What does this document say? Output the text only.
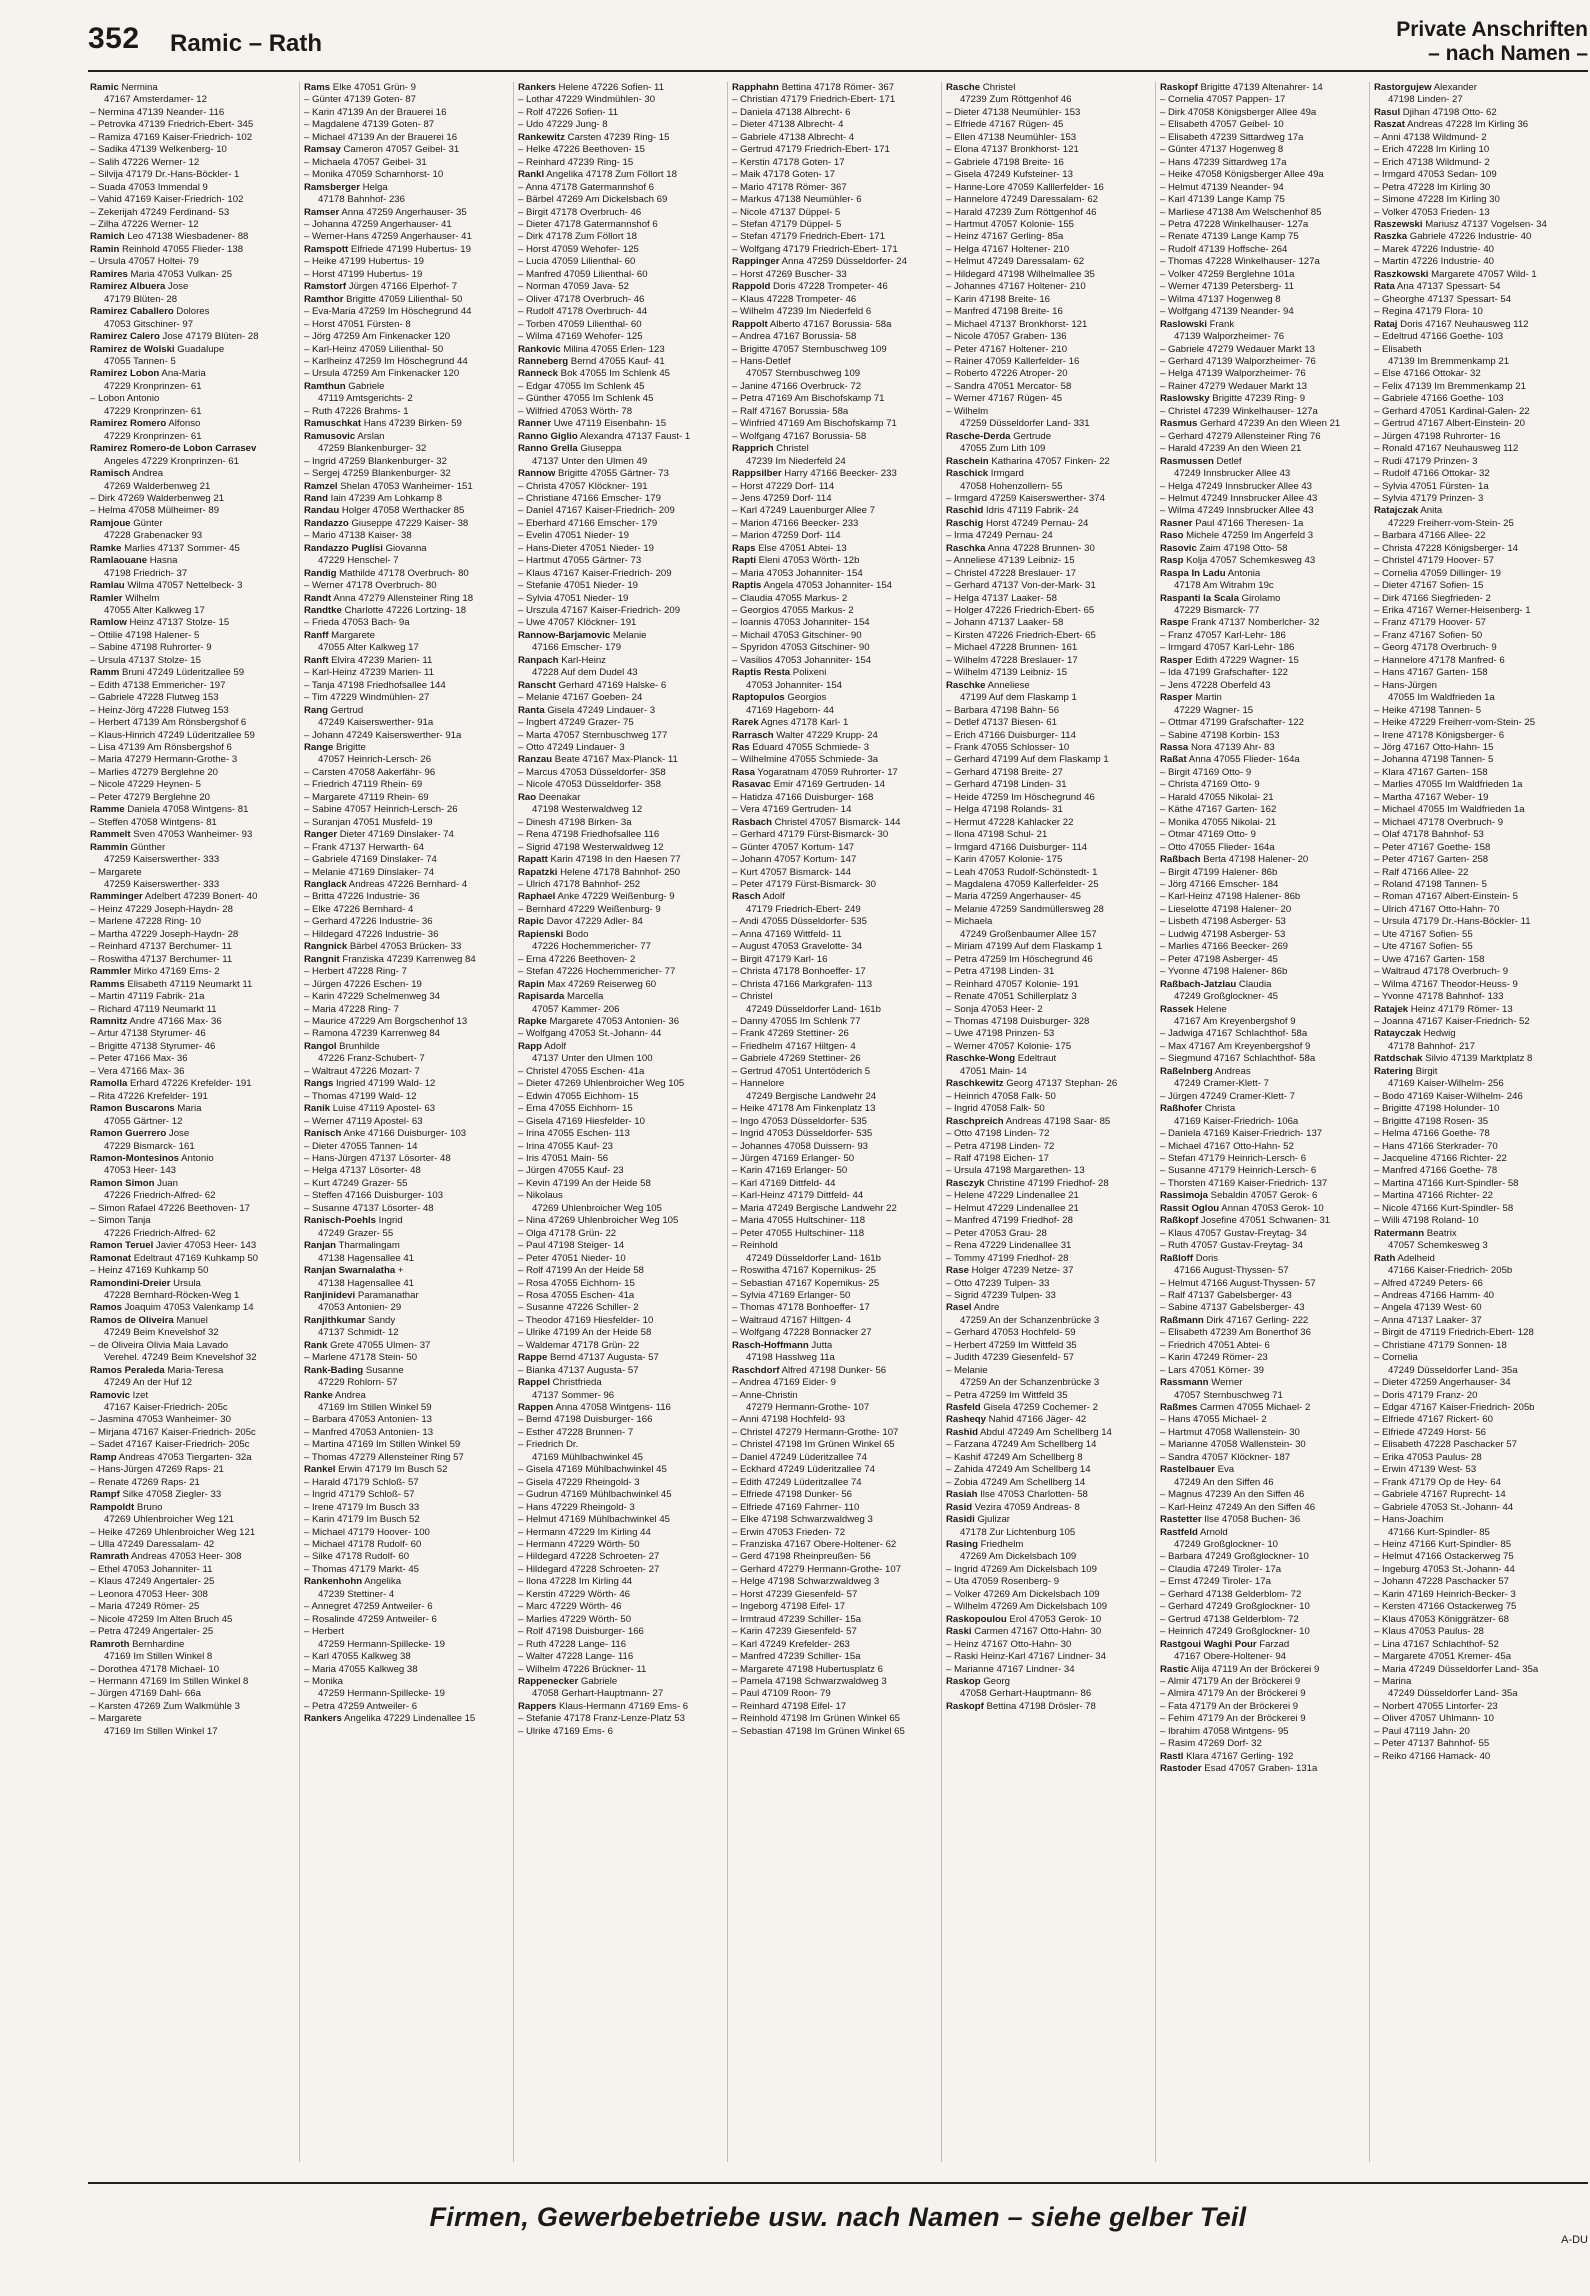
352 Ramic – Rath
Private Anschriften
– nach Namen –
Ramic Nermina
47167 Amsterdamer- 12
– Nermina 47139 Neander- 116
– Petrovka 47139 Friedrich-Ebert- 345
– Ramiza 47169 Kaiser-Friedrich- 102
– Sadika 47139 Welkenberg- 10
– Salih 47226 Werner- 12
– Silvija 47179 Dr.-Hans-Böckler- 1
– Suada 47053 Immendal 9
– Vahid 47169 Kaiser-Friedrich- 102
– Zekerijah 47249 Ferdinand- 53
– Zilha 47226 Werner- 12
Ramich Leo 47138 Wiesbadener- 88
Ramin Reinhold 47055 Flieder- 138
– Ursula 47057 Holtei- 79
Ramires Maria 47053 Vulkan- 25
Ramirez Albuera Jose
47179 Blüten- 28
Ramirez Caballero Dolores
47053 Gitschiner- 97
Ramirez Calero Jose 47179 Blüten- 28
Ramirez de Wolski Guadalupe
47055 Tannen- 5
Ramirez Lobon Ana-Maria
47229 Kronprinzen- 61
– Lobon Antonio
47229 Kronprinzen- 61
Ramirez Romero Alfonso
47229 Kronprinzen- 61
Ramirez Romero-de Lobon Carrasev
Angeles 47229 Kronprinzen- 61
Ramisch Andrea
47269 Walderbenweg 21
– Dirk 47269 Walderbenweg 21
– Helma 47058 Mülheimer- 89
Ramjoue Günter
47228 Grabenacker 93
Ramke Marlies 47137 Sommer- 45
Ramlaouane Hasna
47198 Friedrich- 37
Ramlau Wilma 47057 Nettelbeck- 3
Ramler Wilhelm
47055 Alter Kalkweg 17
Ramlow Heinz 47137 Stolze- 15
– Ottilie 47198 Halener- 5
– Sabine 47198 Ruhrorter- 9
– Ursula 47137 Stolze- 15
Ramm Bruni 47249 Lüderitzallee 59
– Edith 47138 Emmericher- 197
– Gabriele 47228 Flutweg 153
– Heinz-Jörg 47228 Flutweg 153
– Herbert 47139 Am Rönsbergshof 6
– Klaus-Hinrich 47249 Lüderitzallee 59
– Lisa 47139 Am Rönsbergshof 6
– Maria 47279 Hermann-Grothe- 3
– Marlies 47279 Berglehne 20
– Nicole 47229 Heynen- 5
– Peter 47279 Berglehne 20
Ramme Daniela 47058 Wintgens- 81
– Steffen 47058 Wintgens- 81
Rammelt Sven 47053 Wanheimer- 93
Rammin Günther
47259 Kaiserswerther- 333
– Margarete
47259 Kaiserswerther- 333
Ramminger Adelbert 47239 Bonert- 40
– Heinz 47229 Joseph-Haydn- 28
– Marlene 47228 Ring- 10
– Martha 47229 Joseph-Haydn- 28
– Reinhard 47137 Berchumer- 11
– Roswitha 47137 Berchumer- 11
Rammler Mirko 47169 Ems- 2
Ramms Elisabeth 47119 Neumarkt 11
– Martin 47119 Fabrik- 21a
– Richard 47119 Neumarkt 11
Ramnitz Andre 47166 Max- 36
– Artur 47138 Styrumer- 46
– Brigitte 47138 Styrumer- 46
– Peter 47166 Max- 36
– Vera 47166 Max- 36
Ramolla Erhard 47226 Krefelder- 191
– Rita 47226 Krefelder- 191
Ramon Buscarons Maria
47055 Gärtner- 12
Ramon Guerrero Jose
47229 Bismarck- 161
Ramon-Montesinos Antonio
47053 Heer- 143
Ramon Simon Juan
47226 Friedrich-Alfred- 62
– Simon Rafael 47226 Beethoven- 17
– Simon Tanja
47226 Friedrich-Alfred- 62
Ramon Teruel Javier 47053 Heer- 143
Ramonat Edeltraut 47169 Kuhkamp 50
– Heinz 47169 Kuhkamp 50
Ramondini-Dreier Ursula
47228 Bernhard-Röcken-Weg 1
Ramos Joaquim 47053 Valenkamp 14
Ramos de Oliveira Manuel
47249 Beim Knevelshof 32
– de Oliveira Olivia Maia Lavado
Verehel. 47249 Beim Knevelshof 32
Ramos Peraleda Maria-Teresa
47249 An der Huf 12
Ramovic Izet
47167 Kaiser-Friedrich- 205c
– Jasmina 47053 Wanheimer- 30
– Mirjana 47167 Kaiser-Friedrich- 205c
– Sadet 47167 Kaiser-Friedrich- 205c
Ramp Andreas 47053 Tiergarten- 32a
– Hans-Jürgen 47269 Raps- 21
– Renate 47269 Raps- 21
Rampf Silke 47058 Ziegler- 33
Rampoldt Bruno
47269 Uhlenbroicher Weg 121
– Heike 47269 Uhlenbroicher Weg 121
– Ulla 47249 Daressalam- 42
Ramrath Andreas 47053 Heer- 308
– Ethel 47053 Johanniter- 11
– Klaus 47249 Angertaler- 25
– Leonora 47053 Heer- 308
– Maria 47249 Römer- 25
– Nicole 47259 Im Alten Bruch 45
– Petra 47249 Angertaler- 25
Ramroth Bernhardine
47169 Im Stillen Winkel 8
– Dorothea 47178 Michael- 10
– Hermann 47169 Im Stillen Winkel 8
– Jürgen 47169 Dahl- 66a
– Karsten 47269 Zum Walkmühle 3
– Margarete
47169 Im Stillen Winkel 17
Rams Elke 47051 Grün- 9
– Günter 47139 Goten- 87
– Karin 47139 An der Brauerei 16
– Magdalene 47139 Goten- 87
– Michael 47139 An der Brauerei 16
Ramsay Cameron 47057 Geibel- 31
– Michaela 47057 Geibel- 31
– Monika 47059 Scharnhorst- 10
Ramsberger Helga
47178 Bahnhof- 236
Ramser Anna 47259 Angerhauser- 35
– Johanna 47259 Angerhauser- 41
– Werner-Hans 47259 Angerhauser- 41
Ramspott Elfriede 47199 Hubertus- 19
– Heike 47199 Hubertus- 19
– Horst 47199 Hubertus- 19
Ramstorf Jürgen 47166 Elperhof- 7
Ramthor Brigitte 47059 Lilienthal- 50
– Eva-Maria 47259 Im Höschegrund 44
– Horst 47051 Fürsten- 8
– Jörg 47259 Am Finkenacker 120
– Karl-Heinz 47059 Lilienthal- 50
– Karlheinz 47259 Im Höschegrund 44
– Ursula 47259 Am Finkenacker 120
Ramthun Gabriele
47119 Amtsgerichts- 2
– Ruth 47226 Brahms- 1
Ramuschkat Hans 47239 Birken- 59
Ramusovic Arslan
47259 Blankenburger- 32
– Ingrid 47259 Blankenburger- 32
– Sergej 47259 Blankenburger- 32
Ramzel Shelan 47053 Wanheimer- 151
Rand Iain 47239 Am Lohkamp 8
Randau Holger 47058 Werthacker 85
Randazzo Giuseppe 47229 Kaiser- 38
– Mario 47138 Kaiser- 38
Randazzo Puglisi Giovanna
47229 Henschel- 7
Randig Mathilde 47178 Overbruch- 80
– Werner 47178 Overbruch- 80
Randt Anna 47279 Allensteiner Ring 18
Randtke Charlotte 47226 Lortzing- 18
– Frieda 47053 Bach- 9a
Ranff Margarete
47055 Alter Kalkweg 17
Ranft Elvira 47239 Marien- 11
– Karl-Heinz 47239 Marien- 11
– Tanja 47198 Friedhofsallee 144
– Tim 47229 Windmühlen- 27
Rang Gertrud
47249 Kaiserswerther- 91a
– Johann 47249 Kaiserswerther- 91a
Range Brigitte
47057 Heinrich-Lersch- 26
– Carsten 47058 Aakerfähr- 96
– Friedrich 47119 Rhein- 69
– Margarete 47119 Rhein- 69
– Sabine 47057 Heinrich-Lersch- 26
– Suranjan 47051 Musfeld- 19
Ranger Dieter 47169 Dinslaker- 74
– Frank 47137 Herwarth- 64
– Gabriele 47169 Dinslaker- 74
– Melanie 47169 Dinslaker- 74
Ranglack Andreas 47226 Bernhard- 4
– Britta 47226 Industrie- 36
– Elke 47226 Bernhard- 4
– Gerhard 47226 Industrie- 36
– Hildegard 47226 Industrie- 36
Rangnick Bärbel 47053 Brücken- 33
Rangnit Franziska 47239 Karrenweg 84
– Herbert 47228 Ring- 7
– Jürgen 47226 Eschen- 19
– Karin 47229 Schelmenweg 34
– Maria 47228 Ring- 7
– Maurice 47229 Am Borgschenhof 13
– Ramona 47239 Karrenweg 84
Rangol Brunhilde
47226 Franz-Schubert- 7
– Waltraut 47226 Mozart- 7
Rangs Ingried 47199 Wald- 12
– Thomas 47199 Wald- 12
Ranik Luise 47119 Apostel- 63
– Werner 47119 Apostel- 63
Ranisch Anke 47166 Duisburger- 103
– Dieter 47055 Tannen- 14
– Hans-Jürgen 47137 Lösorter- 48
– Helga 47137 Lösorter- 48
– Kurt 47249 Grazer- 55
– Steffen 47166 Duisburger- 103
– Susanne 47137 Lösorter- 48
Ranisch-Poehls Ingrid
47249 Grazer- 55
Ranjan Tharmalingam
47138 Hagensallee 41
Ranjan Swarnalatha +
47138 Hagensallee 41
Ranjinidevi Paramanathar
47053 Antonien- 29
Ranjithkumar Sandy
47137 Schmidt- 12
Rank Grete 47055 Ulmen- 37
– Marlene 47178 Stein- 50
Rank-Bading Susanne
47229 Rohlorn- 57
Ranke Andrea
47169 Im Stillen Winkel 59
– Barbara 47053 Antonien- 13
– Manfred 47053 Antonien- 13
– Martina 47169 Im Stillen Winkel 59
– Thomas 47279 Allensteiner Ring 57
Rankel Erwin 47179 Im Busch 52
– Harald 47179 Schloß- 57
– Ingrid 47179 Schloß- 57
– Irene 47179 Im Busch 33
– Karin 47179 Im Busch 52
– Michael 47179 Hoover- 100
– Michael 47178 Rudolf- 60
– Silke 47178 Rudolf- 60
– Thomas 47179 Markt- 45
Rankenhohn Angelika
47239 Stettiner- 4
– Annegret 47259 Antweiler- 6
– Rosalinde 47259 Antweiler- 6
– Herbert
47259 Hermann-Spillecke- 19
– Karl 47055 Kalkweg 38
– Maria 47055 Kalkweg 38
– Monika
47259 Hermann-Spillecke- 19
– Petra 47259 Antweiler- 6
Rankers Angelika 47229 Lindenallee 15
Rankers Helene 47226 Sofien- 11
– Lothar 47229 Windmühlen- 30
– Rolf 47226 Sofien- 11
– Udo 47229 Jung- 8
Rankewitz Carsten 47239 Ring- 15
– Helke 47226 Beethoven- 15
– Reinhard 47239 Ring- 15
Rankl Angelika 47178 Zum Föllort 18
– Anna 47178 Gatermannshof 6
– Bärbel 47269 Am Dickelsbach 69
– Birgit 47178 Overbruch- 46
– Dieter 47178 Gatermannshof 6
– Dirk 47178 Zum Föllort 18
– Horst 47059 Wehofer- 125
– Lucia 47059 Lilienthal- 60
– Manfred 47059 Lilienthal- 60
– Norman 47059 Java- 52
– Oliver 47178 Overbruch- 46
– Rudolf 47178 Overbruch- 44
– Torben 47059 Lilienthal- 60
– Wilma 47169 Wehofer- 125
Rankovic Milina 47055 Erlen- 123
Ranneberg Bernd 47055 Kauf- 41
Ranneck Bok 47055 Im Schlenk 45
– Edgar 47055 Im Schlenk 45
– Günther 47055 Im Schlenk 45
– Wilfried 47053 Wörth- 78
Ranner Uwe 47119 Eisenbahn- 15
Ranno Giglio Alexandra 47137 Faust- 1
Ranno Grella Giuseppa
47137 Unter den Ulmen 49
Rannow Brigitte 47055 Gärtner- 73
– Christa 47057 Klöckner- 191
– Christiane 47166 Emscher- 179
– Daniel 47167 Kaiser-Friedrich- 209
– Eberhard 47166 Emscher- 179
– Evelin 47051 Nieder- 19
– Hans-Dieter 47051 Nieder- 19
– Hartmut 47055 Gärtner- 73
– Klaus 47167 Kaiser-Friedrich- 209
– Stefanie 47051 Nieder- 19
– Sylvia 47051 Nieder- 19
– Urszula 47167 Kaiser-Friedrich- 209
– Uwe 47057 Klöckner- 191
Rannow-Barjamovic Melanie
47166 Emscher- 179
Ranpach Karl-Heinz
47228 Auf dem Dudel 43
Ranscht Gerhard 47169 Halske- 6
– Melanie 47167 Goeben- 24
Ranta Gisela 47249 Lindauer- 3
– Ingbert 47249 Grazer- 75
– Marta 47057 Sternbuschweg 177
– Otto 47249 Lindauer- 3
Ranzau Beate 47167 Max-Planck- 11
– Marcus 47053 Düsseldorfer- 358
– Nicole 47053 Düsseldorfer- 358
Rao Deenakar
47198 Westerwaldweg 12
– Dinesh 47198 Birken- 3a
– Rena 47198 Friedhofsallee 116
– Sigrid 47198 Westerwaldweg 12
Rapatt Karin 47198 In den Haesen 77
Rapatzki Helene 47178 Bahnhof- 250
– Ulrich 47178 Bahnhof- 252
Raphael Anke 47229 Weißenburg- 9
– Bernhard 47229 Weißenburg- 9
Rapic Davor 47229 Adler- 84
Rapienski Bodo
47226 Hochemmericher- 77
– Erna 47226 Beethoven- 2
– Stefan 47226 Hochemmericher- 77
Rapin Max 47269 Reiserweg 60
Rapisarda Marcella
47057 Kammer- 206
Rapke Margarete 47053 Antonien- 36
– Wolfgang 47053 St.-Johann- 44
Rapp Adolf
47137 Unter den Ulmen 100
– Christel 47055 Eschen- 41a
– Dieter 47269 Uhlenbroicher Weg 105
– Edwin 47055 Eichhorn- 15
– Erna 47055 Eichhorn- 15
– Gisela 47169 Hiesfelder- 10
– Irina 47055 Eschen- 113
– Irina 47055 Kauf- 23
– Iris 47051 Main- 56
– Jürgen 47055 Kauf- 23
– Kevin 47199 An der Heide 58
– Nikolaus
47269 Uhlenbroicher Weg 105
– Nina 47269 Uhlenbroicher Weg 105
– Olga 47178 Grün- 22
– Paul 47198 Steiger- 14
– Peter 47051 Nieder- 10
– Rolf 47199 An der Heide 58
– Rosa 47055 Eichhorn- 15
– Rosa 47055 Eschen- 41a
– Susanne 47226 Schiller- 2
– Theodor 47169 Hiesfelder- 10
– Ulrike 47199 An der Heide 58
– Waldemar 47178 Grün- 22
Rappe Bernd 47137 Augusta- 57
– Bianka 47137 Augusta- 57
Rappel Christfrieda
47137 Sommer- 96
Rappen Anna 47058 Wintgens- 116
– Bernd 47198 Duisburger- 166
– Esther 47228 Brunnen- 7
– Friedrich Dr.
47169 Mühlbachwinkel 45
– Gisela 47169 Mühlbachwinkel 45
– Gisela 47229 Rheingold- 3
– Gudrun 47169 Mühlbachwinkel 45
– Hans 47229 Rheingold- 3
– Helmut 47169 Mühlbachwinkel 45
– Hermann 47229 Im Kirling 44
– Hermann 47229 Wörth- 50
– Hildegard 47228 Schroeten- 27
– Hildegard 47228 Schroeten- 27
– Ilona 47228 Im Kirling 44
– Kerstin 47229 Wörth- 46
– Marc 47229 Wörth- 46
– Marlies 47229 Wörth- 50
– Rolf 47198 Duisburger- 166
– Ruth 47228 Lange- 116
– Walter 47228 Lange- 116
– Wilhelm 47226 Brückner- 11
Rappenecker Gabriele
47058 Gerhart-Hauptmann- 27
Rappers Klaus-Hermann 47169 Ems- 6
– Stefanie 47178 Franz-Lenze-Platz 53
– Ulrike 47169 Ems- 6
Rapphahn Bettina 47178 Römer- 367
– Christian 47179 Friedrich-Ebert- 171
– Daniela 47138 Albrecht- 6
– Dieter 47138 Albrecht- 4
– Gabriele 47138 Albrecht- 4
– Gertrud 47179 Friedrich-Ebert- 171
– Kerstin 47178 Goten- 17
– Maik 47178 Goten- 17
– Mario 47178 Römer- 367
– Markus 47138 Neumühler- 6
– Nicole 47137 Düppel- 5
– Stefan 47179 Düppel- 5
– Stefan 47179 Friedrich-Ebert- 171
– Wolfgang 47179 Friedrich-Ebert- 171
Rappinger Anna 47259 Düsseldorfer- 24
– Horst 47269 Buscher- 33
Rappold Doris 47228 Trompeter- 46
– Klaus 47228 Trompeter- 46
– Wilhelm 47239 Im Niederfeld 6
Rappolt Alberto 47167 Borussia- 58a
– Andrea 47167 Borussia- 58
– Brigitte 47057 Sternbuschweg 109
– Hans-Detlef
47057 Sternbuschweg 109
– Janine 47166 Overbruck- 72
– Petra 47169 Am Bischofskamp 71
– Ralf 47167 Borussia- 58a
– Winfried 47169 Am Bischofskamp 71
– Wolfgang 47167 Borussia- 58
Rapprich Christel
47239 Im Niederfeld 24
Rappsilber Harry 47166 Beecker- 233
– Horst 47229 Dorf- 114
– Jens 47259 Dorf- 114
– Karl 47249 Lauenburger Allee 7
– Marion 47166 Beecker- 233
– Marion 47259 Dorf- 114
Raps Else 47051 Abtei- 13
Rapti Eleni 47053 Wörth- 12b
– Maria 47053 Johanniter- 154
Raptis Angela 47053 Johanniter- 154
– Claudia 47055 Markus- 2
– Georgios 47055 Markus- 2
– Ioannis 47053 Johanniter- 154
– Michail 47053 Gitschiner- 90
– Spyridon 47053 Gitschiner- 90
– Vasilios 47053 Johanniter- 154
Raptis Resta Polixeni
47053 Johanniter- 154
Raptopulos Georgios
47169 Hageborn- 44
Rarek Agnes 47178 Karl- 1
Rarrasch Walter 47229 Krupp- 24
Ras Eduard 47055 Schmiede- 3
– Wilhelmine 47055 Schmiede- 3a
Rasa Yogaratnam 47059 Ruhrorter- 17
Rasavac Emir 47169 Gertruden- 14
– Hatidza 47166 Duisburger- 168
– Vera 47169 Gertruden- 14
Rasbach Christel 47057 Bismarck- 144
– Gerhard 47179 Fürst-Bismarck- 30
– Günter 47057 Kortum- 147
– Johann 47057 Kortum- 147
– Kurt 47057 Bismarck- 144
– Peter 47179 Fürst-Bismarck- 30
Rasch Adolf
47179 Friedrich-Ebert- 249
– Andi 47055 Düsseldorfer- 535
– Anna 47169 Wittfeld- 11
– August 47053 Gravelotte- 34
– Birgit 47179 Karl- 16
– Christa 47178 Bonhoeffer- 17
– Christa 47166 Markgrafen- 113
– Christel
47249 Düsseldorfer Land- 161b
– Danny 47055 Im Schlenk 77
– Frank 47269 Stettiner- 26
– Friedhelm 47167 Hiltgen- 4
– Gabriele 47269 Stettiner- 26
– Gertrud 47051 Untertöderich 5
– Hannelore
47249 Bergische Landwehr 24
– Heike 47178 Am Finkenplatz 13
– Ingo 47053 Düsseldorfer- 535
– Ingrid 47053 Düsseldorfer- 535
– Johannes 47058 Duissern- 93
– Jürgen 47169 Erlanger- 50
– Karin 47169 Erlanger- 50
– Karl 47169 Dittfeld- 44
– Karl-Heinz 47179 Dittfeld- 44
– Maria 47249 Bergische Landwehr 22
– Maria 47055 Hultschiner- 118
– Peter 47055 Hultschiner- 118
– Reinhold
47249 Düsseldorfer Land- 161b
– Roswitha 47167 Kopernikus- 25
– Sebastian 47167 Kopernikus- 25
– Sylvia 47169 Erlanger- 50
– Thomas 47178 Bonhoeffer- 17
– Waltraud 47167 Hiltgen- 4
– Wolfgang 47228 Bonnacker 27
Rasch-Hoffmann Jutta
47198 Hasslweg 11a
Raschdorf Alfred 47198 Dunker- 56
– Andrea 47169 Eider- 9
– Anne-Christin
47279 Hermann-Grothe- 107
– Anni 47198 Hochfeld- 93
– Christel 47279 Hermann-Grothe- 107
– Christel 47198 Im Grünen Winkel 65
– Daniel 47249 Lüderitzallee 74
– Eckhard 47249 Lüderitzallee 74
– Edith 47249 Lüderitzallee 74
– Elfriede 47198 Dunker- 56
– Elfriede 47169 Fahrner- 110
– Elke 47198 Schwarzwaldweg 3
– Erwin 47053 Frieden- 72
– Franziska 47167 Obere-Holtener- 62
– Gerd 47198 Rheinpreußen- 56
– Gerhard 47279 Hermann-Grothe- 107
– Helge 47198 Schwarzwaldweg 3
– Horst 47239 Giesenfeld- 57
– Ingeborg 47198 Eifel- 17
– Irmtraud 47239 Schiller- 15a
– Karin 47239 Giesenfeld- 57
– Karl 47249 Krefelder- 263
– Manfred 47239 Schiller- 15a
– Margarete 47198 Hubertusplatz 6
– Pamela 47198 Schwarzwaldweg 3
– Paul 47109 Roon- 79
– Reinhard 47198 Eifel- 17
– Reinhold 47198 Im Grünen Winkel 65
– Sebastian 47198 Im Grünen Winkel 65
Rasche Christel
47239 Zum Röttgenhof 46
– Dieter 47138 Neumühler- 153
– Elfriede 47167 Rügen- 45
– Ellen 47138 Neumühler- 153
– Elona 47137 Bronkhorst- 121
– Gabriele 47198 Breite- 16
– Gisela 47249 Kufsteiner- 13
– Hanne-Lore 47059 Kalllerfelder- 16
– Hannelore 47249 Daressalam- 62
– Harald 47239 Zum Röttgenhof 46
– Hartmut 47057 Kolonie- 155
– Heinz 47167 Gerling- 85a
– Helga 47167 Holtener- 210
– Helmut 47249 Daressalam- 62
– Hildegard 47198 Wilhelmallee 35
– Johannes 47167 Holtener- 210
– Karin 47198 Breite- 16
– Manfred 47198 Breite- 16
– Michael 47137 Bronkhorst- 121
– Nicole 47057 Graben- 136
– Peter 47167 Holtener- 210
– Rainer 47059 Kallerfelder- 16
– Roberto 47226 Atroper- 20
– Sandra 47051 Mercator- 58
– Werner 47167 Rügen- 45
– Wilhelm
47259 Düsseldorfer Land- 331
Rasche-Derda Gertrude
47055 Zum Lith 109
Raschein Katharina 47057 Finken- 22
Raschick Irmgard
47058 Hohenzollern- 55
– Irmgard 47259 Kaiserswerther- 374
Raschid Idris 47119 Fabrik- 24
Raschig Horst 47249 Pernau- 24
– Irma 47249 Pernau- 24
Raschka Anna 47228 Brunnen- 30
– Anneliese 47139 Leibniz- 15
– Christel 47228 Breslauer- 17
– Gerhard 47137 Von-der-Mark- 31
– Helga 47137 Laaker- 58
– Holger 47226 Friedrich-Ebert- 65
– Johann 47137 Laaker- 58
– Kirsten 47226 Friedrich-Ebert- 65
– Michael 47228 Brunnen- 161
– Wilhelm 47228 Breslauer- 17
– Wilhelm 47139 Leibniz- 15
Raschke Anneliese
47199 Auf dem Flaskamp 1
– Barbara 47198 Bahn- 56
– Detlef 47137 Biesen- 61
– Erich 47166 Duisburger- 114
– Frank 47055 Schlosser- 10
– Gerhard 47199 Auf dem Flaskamp 1
– Gerhard 47198 Breite- 27
– Gerhard 47198 Linden- 31
– Heide 47259 Im Höschegrund 46
– Helga 47198 Rolands- 31
– Hermut 47228 Kahlacker 22
– Ilona 47198 Schul- 21
– Irmgard 47166 Duisburger- 114
– Karin 47057 Kolonie- 175
– Leah 47053 Rudolf-Schönstedt- 1
– Magdalena 47059 Kallerfelder- 25
– Maria 47259 Angerhauser- 45
– Melanie 47259 Sandmüllersweg 28
– Michaela
47249 Großenbaumer Allee 157
– Miriam 47199 Auf dem Flaskamp 1
– Petra 47259 Im Höschegrund 46
– Petra 47198 Linden- 31
– Reinhard 47057 Kolonie- 191
– Renate 47051 Schillerplatz 3
– Sonja 47053 Heer- 2
– Thomas 47198 Duisburger- 328
– Uwe 47198 Prinzen- 53
– Werner 47057 Kolonie- 175
Raschke-Wong Edeltraut
47051 Main- 14
Raschkewitz Georg 47137 Stephan- 26
– Heinrich 47058 Falk- 50
– Ingrid 47058 Falk- 50
Raschpreich Andreas 47198 Saar- 85
– Otto 47198 Linden- 72
– Petra 47198 Linden- 72
– Ralf 47198 Eichen- 17
– Ursula 47198 Margarethen- 13
Rasczyk Christine 47199 Friedhof- 28
– Helene 47229 Lindenallee 21
– Helmut 47229 Lindenallee 21
– Manfred 47199 Friedhof- 28
– Peter 47053 Grau- 28
– Rena 47229 Lindenallee 31
– Tommy 47199 Friedhof- 28
Rase Holger 47239 Netze- 37
– Otto 47239 Tulpen- 33
– Sigrid 47239 Tulpen- 33
Rasel Andre
47259 An der Schanzenbrücke 3
– Gerhard 47053 Hochfeld- 59
– Herbert 47259 Im Wittfeld 35
– Judith 47239 Giesenfeld- 57
– Melanie
47259 An der Schanzenbrücke 3
– Petra 47259 Im Wittfeld 35
Rasfeld Gisela 47259 Cochemer- 2
Rasheqy Nahid 47166 Jäger- 42
Rashid Abdul 47249 Am Schellberg 14
– Farzana 47249 Am Schellberg 14
– Kashif 47249 Am Schellberg 8
– Zahida 47249 Am Schellberg 14
– Zobia 47249 Am Schellberg 14
Rasiah Ilse 47053 Charlotten- 58
Rasid Vezira 47059 Andreas- 8
Rasidi Gjulizar
47178 Zur Lichtenburg 105
Rasing Friedhelm
47269 Am Dickelsbach 109
– Ingrid 47269 Am Dickelsbach 109
– Uta 47059 Rosenberg- 9
– Volker 47269 Am Dickelsbach 109
– Wilhelm 47269 Am Dickelsbach 109
Raskopoulou Erol 47053 Gerok- 10
Raski Carmen 47167 Otto-Hahn- 30
– Heinz 47167 Otto-Hahn- 30
– Raski Heinz-Karl 47167 Lindner- 34
– Marianne 47167 Lindner- 34
Raskop Georg
47058 Gerhart-Hauptmann- 86
Raskopf Bettina 47198 Drösler- 78
Raskopf Brigitte 47139 Altenahrer- 14
– Cornelia 47057 Pappen- 17
– Dirk 47058 Königsberger Allee 49a
– Elisabeth 47057 Geibel- 10
– Elisabeth 47239 Sittardweg 17a
– Günter 47137 Hogenweg 8
– Hans 47239 Sittardweg 17a
– Heike 47058 Königsberger Allee 49a
– Helmut 47139 Neander- 94
– Karl 47139 Lange Kamp 75
– Marliese 47138 Am Welschenhof 85
– Petra 47228 Winkelhauser- 127a
– Renate 47139 Lange Kamp 75
– Rudolf 47139 Hoffsche- 264
– Thomas 47228 Winkelhauser- 127a
– Volker 47259 Berglehne 101a
– Werner 47139 Petersberg- 11
– Wilma 47137 Hogenweg 8
– Wolfgang 47139 Neander- 94
Raslowski Frank
47139 Walporzheimer- 76
– Gabriele 47279 Wedauer Markt 13
– Gerhard 47139 Walporzheimer- 76
– Helga 47139 Walporzheimer- 76
– Rainer 47279 Wedauer Markt 13
Raslowsky Brigitte 47239 Ring- 9
– Christel 47239 Winkelhauser- 127a
Rasmus Gerhard 47239 An den Wieen 21
– Gerhard 47279 Allensteiner Ring 76
– Harald 47239 An den Wieen 21
Rasmussen Detlef
47249 Innsbrucker Allee 43
– Helga 47249 Innsbrucker Allee 43
– Helmut 47249 Innsbrucker Allee 43
– Wilma 47249 Innsbrucker Allee 43
Rasner Paul 47166 Theresen- 1a
Raso Michele 47259 Im Angerfeld 3
Rasovic Zaim 47198 Otto- 58
Rasp Kolja 47057 Schemkesweg 43
Raspa In Ladu Antonia
47178 Am Witrahm 19c
Raspanti la Scala Girolamo
47229 Bismarck- 77
Raspe Frank 47137 Nomberlcher- 32
– Franz 47057 Karl-Lehr- 186
– Irmgard 47057 Karl-Lehr- 186
Rasper Edith 47229 Wagner- 15
– Ida 47199 Grafschafter- 122
– Jens 47228 Oberfeld 43
Rasper Martin
47229 Wagner- 15
– Ottmar 47199 Grafschafter- 122
– Sabine 47198 Korbin- 153
Rassa Nora 47139 Ahr- 83
Raßat Anna 47055 Flieder- 164a
– Birgit 47169 Otto- 9
– Christa 47169 Otto- 9
– Harald 47055 Nikolai- 21
– Käthe 47167 Garten- 162
– Monika 47055 Nikolai- 21
– Otmar 47169 Otto- 9
– Otto 47055 Flieder- 164a
Raßbach Berta 47198 Halener- 20
– Birgit 47199 Halener- 86b
– Jörg 47166 Emscher- 184
– Karl-Heinz 47198 Halener- 86b
– Lieselotte 47198 Halener- 20
– Lisbeth 47198 Asberger- 53
– Ludwig 47198 Asberger- 53
– Marlies 47166 Beecker- 269
– Peter 47198 Asberger- 45
– Yvonne 47198 Halener- 86b
Raßbach-Jatzlau Claudia
47249 Großglockner- 45
Rassek Helene
47167 Am Kreyenbergshof 9
– Jadwiga 47167 Schlachthof- 58a
– Max 47167 Am Kreyenbergshof 9
– Siegmund 47167 Schlachthof- 58a
Raßelnberg Andreas
47249 Cramer-Klett- 7
– Jürgen 47249 Cramer-Klett- 7
Raßhofer Christa
47169 Kaiser-Friedrich- 106a
– Daniela 47169 Kaiser-Friedrich- 137
– Michael 47167 Otto-Hahn- 52
– Stefan 47179 Heinrich-Lersch- 6
– Susanne 47179 Heinrich-Lersch- 6
– Thorsten 47169 Kaiser-Friedrich- 137
Rassimoja Sebaldin 47057 Gerok- 6
Rassit Oglou Annan 47053 Gerok- 10
Raßkopf Josefine 47051 Schwanen- 31
– Klaus 47057 Gustav-Freytag- 34
– Ruth 47057 Gustav-Freytag- 34
Raßloff Doris
47166 August-Thyssen- 57
– Helmut 47166 August-Thyssen- 57
– Ralf 47137 Gabelsberger- 43
– Sabine 47137 Gabelsberger- 43
Raßmann Dirk 47167 Gerling- 222
– Elisabeth 47239 Am Bonerthof 36
– Friedrich 47051 Abtei- 6
– Karin 47249 Römer- 23
– Lars 47051 Körner- 39
Rassmann Werner
47057 Sternbuschweg 71
Raßmes Carmen 47055 Michael- 2
– Hans 47055 Michael- 2
– Hartmut 47058 Wallenstein- 30
– Marianne 47058 Wallenstein- 30
– Sandra 47057 Klöckner- 187
Rastelbauer Eva
47249 An den Siffen 46
– Magnus 47239 An den Siffen 46
– Karl-Heinz 47249 An den Siffen 46
Rastetter Ilse 47058 Buchen- 36
Rastfeld Arnold
47249 Großglockner- 10
– Barbara 47249 Großglockner- 10
– Claudia 47249 Tiroler- 17a
– Ernst 47249 Tiroler- 17a
– Gerhard 47138 Gelderblom- 72
– Gerhard 47249 Großglockner- 10
– Gertrud 47138 Gelderblom- 72
– Heinrich 47249 Großglockner- 10
Rastgoui Waghi Pour Farzad
47167 Obere-Holtener- 94
Rastic Alija 47119 An der Bröckerei 9
– Almir 47179 An der Bröckerei 9
– Almira 47179 An der Bröckerei 9
– Fata 47179 An der Bröckerei 9
– Fehim 47179 An der Bröckerei 9
– Ibrahim 47058 Wintgens- 95
– Rasim 47269 Dorf- 32
Rastl Klara 47167 Gerling- 192
Rastoder Esad 47057 Graben- 131a
Rastorgujew Alexander
47198 Linden- 27
Rasul Djihan 47198 Otto- 62
Raszat Andreas 47228 Im Kirling 36
– Anni 47138 Wildmund- 2
– Erich 47228 Im Kirling 10
– Erich 47138 Wildmund- 2
– Irmgard 47053 Sedan- 109
– Petra 47228 Im Kirling 30
– Simone 47228 Im Kirling 30
– Volker 47053 Frieden- 13
Raszewski Mariusz 47137 Vogelsen- 34
Raszka Gabriele 47226 Industrie- 40
– Marek 47226 Industrie- 40
– Martin 47226 Industrie- 40
Raszkowski Margarete 47057 Wild- 1
Rata Ana 47137 Spessart- 54
– Gheorghe 47137 Spessart- 54
– Regina 47179 Flora- 10
Rataj Doris 47167 Neuhausweg 112
– Edeltrud 47166 Goethe- 103
– Elisabeth
47139 Im Bremmenkamp 21
– Else 47166 Ottokar- 32
– Felix 47139 Im Bremmenkamp 21
– Gabriele 47166 Goethe- 103
– Gerhard 47051 Kardinal-Galen- 22
– Gertrud 47167 Albert-Einstein- 20
– Jürgen 47198 Ruhrorter- 16
– Ronald 47167 Neuhausweg 112
– Rudi 47179 Prinzen- 3
– Rudolf 47166 Ottokar- 32
– Sylvia 47051 Fürsten- 1a
– Sylvia 47179 Prinzen- 3
Ratajczak Anita
47229 Freiherr-vom-Stein- 25
– Barbara 47166 Allee- 22
– Christa 47228 Königsberger- 14
– Christel 47179 Hoover- 57
– Cornelia 47059 Dillinger- 19
– Dieter 47167 Sofien- 15
– Dirk 47166 Siegfrieden- 2
– Erika 47167 Werner-Heisenberg- 1
– Franz 47179 Hoover- 57
– Franz 47167 Sofien- 50
– Georg 47178 Overbruch- 9
– Hannelore 47178 Manfred- 6
– Hans 47167 Garten- 158
– Hans-Jürgen
47055 Im Waldfrieden 1a
– Heike 47198 Tannen- 5
– Heike 47229 Freiherr-vom-Stein- 25
– Irene 47178 Königsberger- 6
– Jörg 47167 Otto-Hahn- 15
– Johanna 47198 Tannen- 5
– Klara 47167 Garten- 158
– Marlies 47055 Im Waldfrieden 1a
– Martha 47167 Weber- 19
– Michael 47055 Im Waldfrieden 1a
– Michael 47178 Overbruch- 9
– Olaf 47178 Bahnhof- 53
– Peter 47167 Goethe- 158
– Peter 47167 Garten- 258
– Ralf 47166 Allee- 22
– Roland 47198 Tannen- 5
– Roman 47167 Albert-Einstein- 5
– Ulrich 47167 Otto-Hahn- 70
– Ursula 47179 Dr.-Hans-Böckler- 11
– Ute 47167 Sofien- 55
– Ute 47167 Sofien- 55
– Uwe 47167 Garten- 158
– Waltraud 47178 Overbruch- 9
– Wilma 47167 Theodor-Heuss- 9
– Yvonne 47178 Bahnhof- 133
Ratajek Heinz 47179 Römer- 13
– Joanna 47167 Kaiser-Friedrich- 52
Ratayczak Hedwig
47178 Bahnhof- 217
Ratdschak Silvio 47139 Marktplatz 8
Ratering Birgit
47169 Kaiser-Wilhelm- 256
– Bodo 47169 Kaiser-Wilhelm- 246
– Brigitte 47198 Holunder- 10
– Brigitte 47198 Rosen- 35
– Helma 47166 Goethe- 78
– Hans 47166 Sterkrader- 70
– Jacqueline 47166 Richter- 22
– Manfred 47166 Goethe- 78
– Martina 47166 Kurt-Spindler- 58
– Martina 47166 Richter- 22
– Nicole 47166 Kurt-Spindler- 58
– Willi 47198 Roland- 10
Ratermann Beatrix
47057 Schemkesweg 3
Rath Adelheid
47166 Kaiser-Friedrich- 205b
– Alfred 47249 Peters- 66
– Andreas 47166 Hamm- 40
– Angela 47139 West- 60
– Anna 47137 Laaker- 37
– Birgit de 47119 Friedrich-Ebert- 128
– Christiane 47179 Sonnen- 18
– Cornelia
47249 Düsseldorfer Land- 35a
– Dieter 47259 Angerhauser- 34
– Doris 47179 Franz- 20
– Edgar 47167 Kaiser-Friedrich- 205b
– Elfriede 47167 Rickert- 60
– Elfriede 47249 Horst- 56
– Elisabeth 47228 Paschacker 57
– Erika 47053 Paulus- 28
– Erwin 47139 West- 53
– Frank 47179 Op de Hey- 64
– Gabriele 47167 Ruprecht- 14
– Gabriele 47053 St.-Johann- 44
– Hans-Joachim
47166 Kurt-Spindler- 85
– Heinz 47166 Kurt-Spindler- 85
– Helmut 47166 Ostackerweg 75
– Ingeburg 47053 St.-Johann- 44
– Johann 47228 Paschacker 57
– Karin 47169 Heinrich-Becker- 3
– Kersten 47166 Ostackerweg 75
– Klaus 47053 Königgrätzer- 68
– Klaus 47053 Paulus- 28
– Lina 47167 Schlachthof- 52
– Margarete 47051 Kremer- 45a
– Maria 47249 Düsseldorfer Land- 35a
– Marina
47249 Düsseldorfer Land- 35a
– Norbert 47055 Lintorfer- 23
– Oliver 47057 Uhlmann- 10
– Paul 47119 Jahn- 20
– Peter 47137 Bahnhof- 55
– Reiko 47166 Hamack- 40
Firmen, Gewerbebetriebe usw. nach Namen – siehe gelber Teil
A-DU
